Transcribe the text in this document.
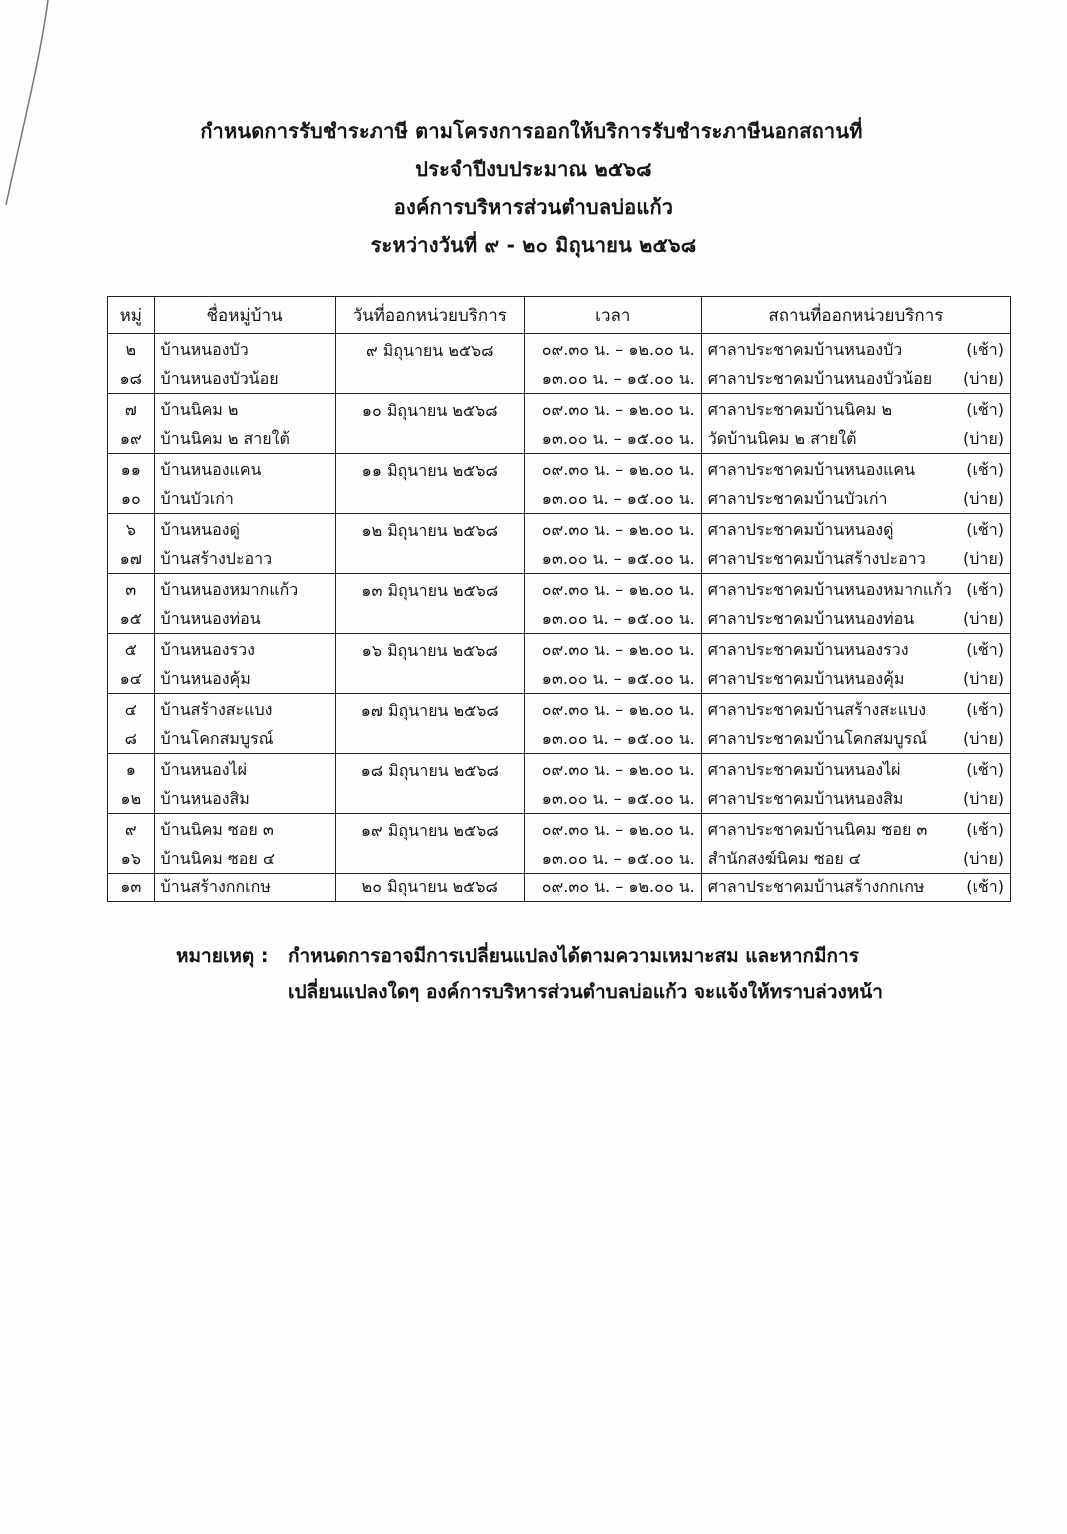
กำหนดการรับชำระภาษี ตามโครงการออกให้บริการรับชำระภาษีนอกสถานที่
ประจำปีงบประมาณ ๒๕๖๘
องค์การบริหารส่วนตำบลบ่อแก้ว
ระหว่างวันที่ ๙ - ๒๐ มิถุนายน ๒๕๖๘
หมู่	ชื่อหมู่บ้าน	วันที่ออกหน่วยบริการ	เวลา	สถานที่ออกหน่วยบริการ
๒	บ้านหนองบัว	๙ มิถุนายน ๒๕๖๘	๐๙.๓๐ น. – ๑๒.๐๐ น.	ศาลาประชาคมบ้านหนองบัว (เช้า)

๑๘	บ้านหนองบัวน้อย		๑๓.๐๐ น. – ๑๕.๐๐ น.	ศาลาประชาคมบ้านหนองบัวน้อย (บ่าย)

๗	บ้านนิคม ๒	๑๐ มิถุนายน ๒๕๖๘	๐๙.๓๐ น. – ๑๒.๐๐ น.	ศาลาประชาคมบ้านนิคม ๒ (เช้า)

๑๙	บ้านนิคม ๒ สายใต้		๑๓.๐๐ น. – ๑๕.๐๐ น.	วัดบ้านนิคม ๒ สายใต้ (บ่าย)

๑๑	บ้านหนองแคน	๑๑ มิถุนายน ๒๕๖๘	๐๙.๓๐ น. – ๑๒.๐๐ น.	ศาลาประชาคมบ้านหนองแคน (เช้า)

๑๐	บ้านบัวเก่า		๑๓.๐๐ น. – ๑๕.๐๐ น.	ศาลาประชาคมบ้านบัวเก่า (บ่าย)

๖	บ้านหนองดู่	๑๒ มิถุนายน ๒๕๖๘	๐๙.๓๐ น. – ๑๒.๐๐ น.	ศาลาประชาคมบ้านหนองดู่ (เช้า)

๑๗	บ้านสร้างปะอาว		๑๓.๐๐ น. – ๑๕.๐๐ น.	ศาลาประชาคมบ้านสร้างปะอาว (บ่าย)

๓	บ้านหนองหมากแก้ว	๑๓ มิถุนายน ๒๕๖๘	๐๙.๓๐ น. – ๑๒.๐๐ น.	ศาลาประชาคมบ้านหนองหมากแก้ว (เช้า)

๑๕	บ้านหนองท่อน		๑๓.๐๐ น. – ๑๕.๐๐ น.	ศาลาประชาคมบ้านหนองท่อน (บ่าย)

๕	บ้านหนองรวง	๑๖ มิถุนายน ๒๕๖๘	๐๙.๓๐ น. – ๑๒.๐๐ น.	ศาลาประชาคมบ้านหนองรวง (เช้า)

๑๔	บ้านหนองคุ้ม		๑๓.๐๐ น. – ๑๕.๐๐ น.	ศาลาประชาคมบ้านหนองคุ้ม (บ่าย)

๔	บ้านสร้างสะแบง	๑๗ มิถุนายน ๒๕๖๘	๐๙.๓๐ น. – ๑๒.๐๐ น.	ศาลาประชาคมบ้านสร้างสะแบง (เช้า)

๘	บ้านโคกสมบูรณ์		๑๓.๐๐ น. – ๑๕.๐๐ น.	ศาลาประชาคมบ้านโคกสมบูรณ์ (บ่าย)

๑	บ้านหนองไผ่	๑๘ มิถุนายน ๒๕๖๘	๐๙.๓๐ น. – ๑๒.๐๐ น.	ศาลาประชาคมบ้านหนองไผ่ (เช้า)

๑๒	บ้านหนองสิม		๑๓.๐๐ น. – ๑๕.๐๐ น.	ศาลาประชาคมบ้านหนองสิม (บ่าย)

๙	บ้านนิคม ซอย ๓	๑๙ มิถุนายน ๒๕๖๘	๐๙.๓๐ น. – ๑๒.๐๐ น.	ศาลาประชาคมบ้านนิคม ซอย ๓ (เช้า)

๑๖	บ้านนิคม ซอย ๔		๑๓.๐๐ น. – ๑๕.๐๐ น.	สำนักสงฆ์นิคม ซอย ๔ (บ่าย)

๑๓	บ้านสร้างกกเกษ	๒๐ มิถุนายน ๒๕๖๘	๐๙.๓๐ น. – ๑๒.๐๐ น.	ศาลาประชาคมบ้านสร้างกกเกษ (เช้า)
หมายเหตุ :	กำหนดการอาจมีการเปลี่ยนแปลงได้ตามความเหมาะสม และหากมีการ
เปลี่ยนแปลงใดๆ องค์การบริหารส่วนตำบลบ่อแก้ว จะแจ้งให้ทราบล่วงหน้า
